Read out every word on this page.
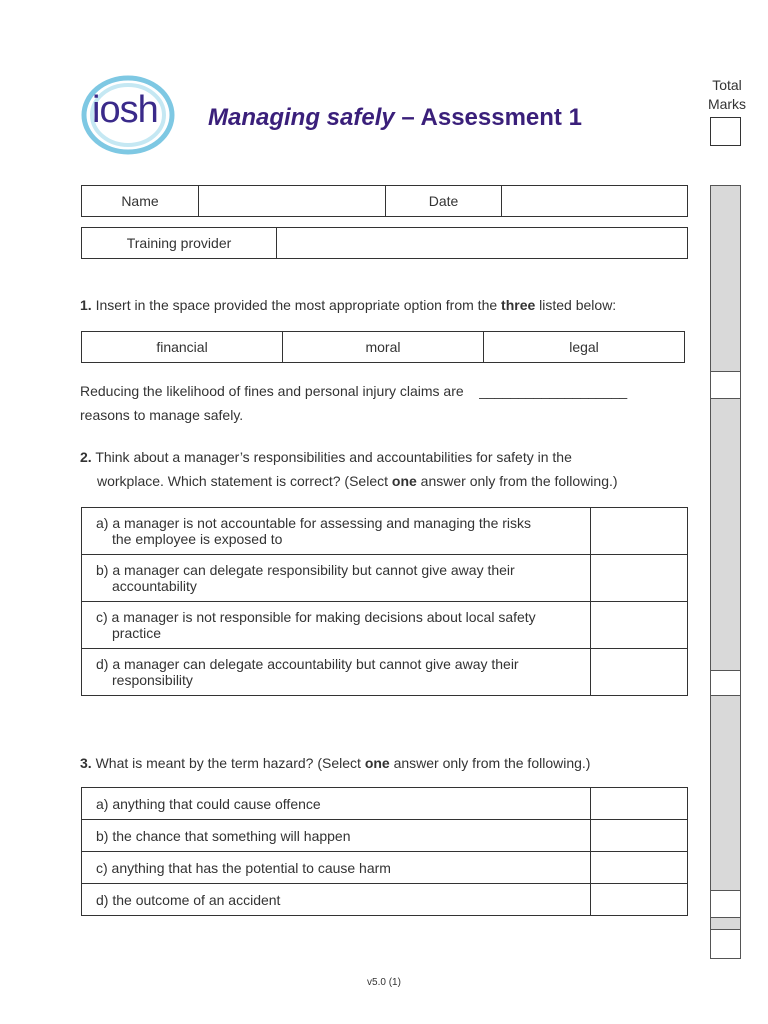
iosh Managing safely – Assessment 1
Total
Marks
Name		Date	
Training provider	
1. Insert in the space provided the most appropriate option from the three listed below:
financial	moral	legal
Reducing the likelihood of fines and personal injury claims are ___________________
reasons to manage safely.
2. Think about a manager’s responsibilities and accountabilities for safety in the
workplace. Which statement is correct? (Select one answer only from the following.)
a) a manager is not accountable for assessing and managing the risks
the employee is exposed to	

b) a manager can delegate responsibility but cannot give away their
accountability	

c) a manager is not responsible for making decisions about local safety
practice	

d) a manager can delegate accountability but cannot give away their
responsibility	

3. What is meant by the term hazard? (Select one answer only from the following.)
a) anything that could cause offence	
b) the chance that something will happen	
c) anything that has the potential to cause harm	
d) the outcome of an accident	
v5.0 (1)
